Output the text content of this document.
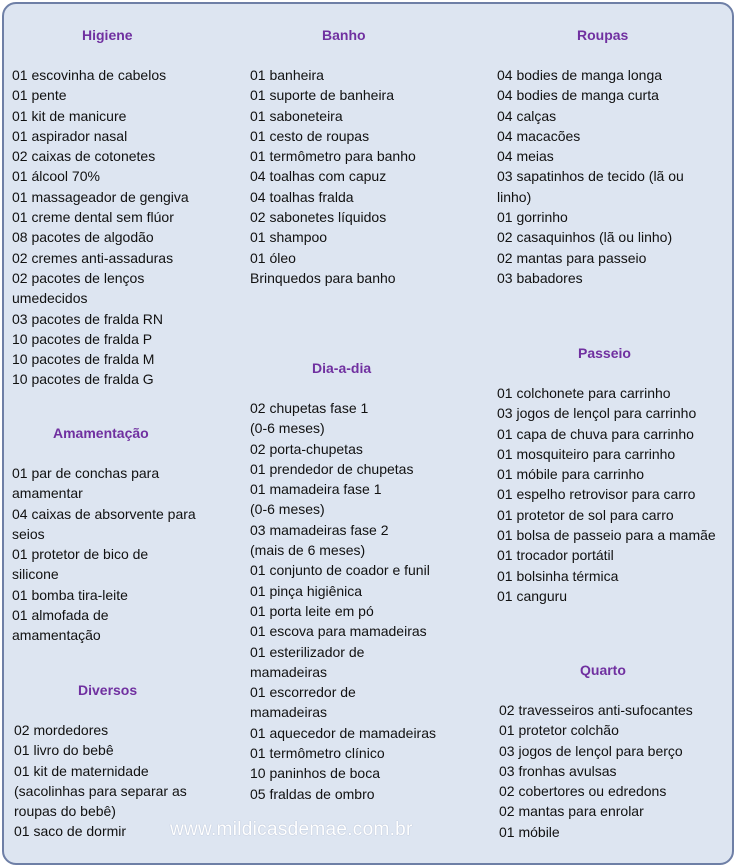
Higiene
01 escovinha de cabelos
01 pente
01 kit de manicure
01 aspirador nasal
02 caixas de cotonetes
01 álcool 70%
01 massageador de gengiva
01 creme dental sem flúor
08 pacotes de algodão
02 cremes anti-assaduras
02 pacotes de lenços
umedecidos
03 pacotes de fralda RN
10 pacotes de fralda P
10 pacotes de fralda M
10 pacotes de fralda G
Amamentação
01 par de conchas para
amamentar
04 caixas de absorvente para
seios
01 protetor de bico de
silicone
01 bomba tira-leite
01 almofada de
amamentação
Diversos
02 mordedores
01 livro do bebê
01 kit de maternidade
(sacolinhas para separar as
roupas do bebê)
01 saco de dormir
Banho
01 banheira
01 suporte de banheira
01 saboneteira
01 cesto de roupas
01 termômetro para banho
04 toalhas com capuz
04 toalhas fralda
02 sabonetes líquidos
01 shampoo
01 óleo
Brinquedos para banho
Dia-a-dia
02 chupetas fase 1
(0-6 meses)
02 porta-chupetas
01 prendedor de chupetas
01 mamadeira fase 1
(0-6 meses)
03 mamadeiras fase 2
(mais de 6 meses)
01 conjunto de coador e funil
01 pinça higiênica
01 porta leite em pó
01 escova para mamadeiras
01 esterilizador de
mamadeiras
01 escorredor de
mamadeiras
01 aquecedor de mamadeiras
01 termômetro clínico
10 paninhos de boca
05 fraldas de ombro
Roupas
04 bodies de manga longa
04 bodies de manga curta
04 calças
04 macacões
04 meias
03 sapatinhos de tecido (lã ou
linho)
01 gorrinho
02 casaquinhos (lã ou linho)
02 mantas para passeio
03 babadores
Passeio
01 colchonete para carrinho
03 jogos de lençol para carrinho
01 capa de chuva para carrinho
01 mosquiteiro para carrinho
01 móbile para carrinho
01 espelho retrovisor para carro
01 protetor de sol para carro
01 bolsa de passeio para a mamãe
01 trocador portátil
01 bolsinha térmica
01 canguru
Quarto
02 travesseiros anti-sufocantes
01 protetor colchão
03 jogos de lençol para berço
03 fronhas avulsas
02 cobertores ou edredons
02 mantas para enrolar
01 móbile
www.mildicasdemae.com.br
